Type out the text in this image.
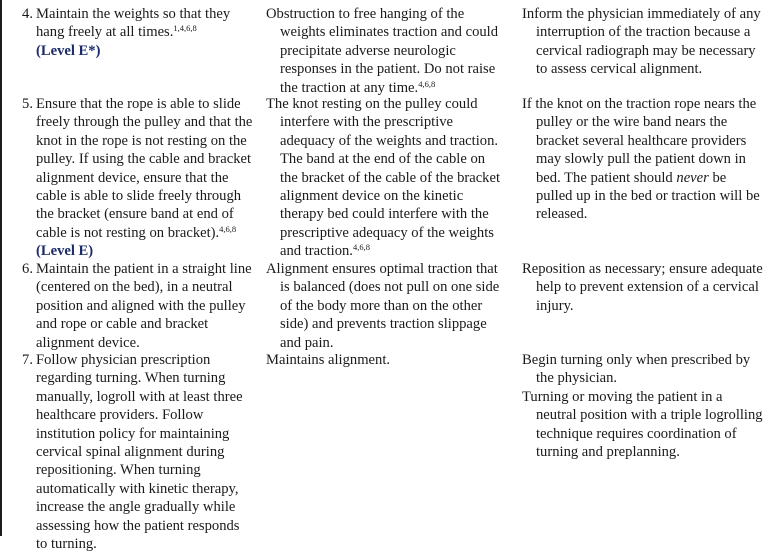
4. Maintain the weights so that they hang freely at all times.$^{1,4,6,8}$
(Level E*)

Obstruction to free hanging of the weights eliminates traction and could precipitate adverse neurologic responses in the patient. Do not raise the traction at any time.$^{4,6,8}$

Inform the physician immediately of any interruption of the traction because a cervical radiograph may be necessary to assess cervical alignment.

5. Ensure that the rope is able to slide freely through the pulley and that the knot in the rope is not resting on the pulley. If using the cable and bracket alignment device, ensure that the cable is able to slide freely through the bracket (ensure band at end of cable is not resting on bracket).$^{4,6,8}$ (Level E)

The knot resting on the pulley could interfere with the prescriptive adequacy of the weights and traction. The band at the end of the cable on the bracket of the cable of the bracket alignment device on the kinetic therapy bed could interfere with the prescriptive adequacy of the weights and traction.$^{4,6,8}$

If the knot on the traction rope nears the pulley or the wire band nears the bracket several healthcare providers may slowly pull the patient down in bed. The patient should never be pulled up in the bed or traction will be released.

6. Maintain the patient in a straight line (centered on the bed), in a neutral position and aligned with the pulley and rope or cable and bracket alignment device.

Alignment ensures optimal traction that is balanced (does not pull on one side of the body more than on the other side) and prevents traction slippage and pain.

Reposition as necessary; ensure adequate help to prevent extension of a cervical injury.

7. Follow physician prescription regarding turning. When turning manually, logroll with at least three healthcare providers. Follow institution policy for maintaining cervical spinal alignment during repositioning. When turning automatically with kinetic therapy, increase the angle gradually while assessing how the patient responds to turning.

Maintains alignment.	Begin turning only when prescribed by the physician.

Turning or moving the patient in a neutral position with a triple logrolling technique requires coordination of turning and preplanning.
